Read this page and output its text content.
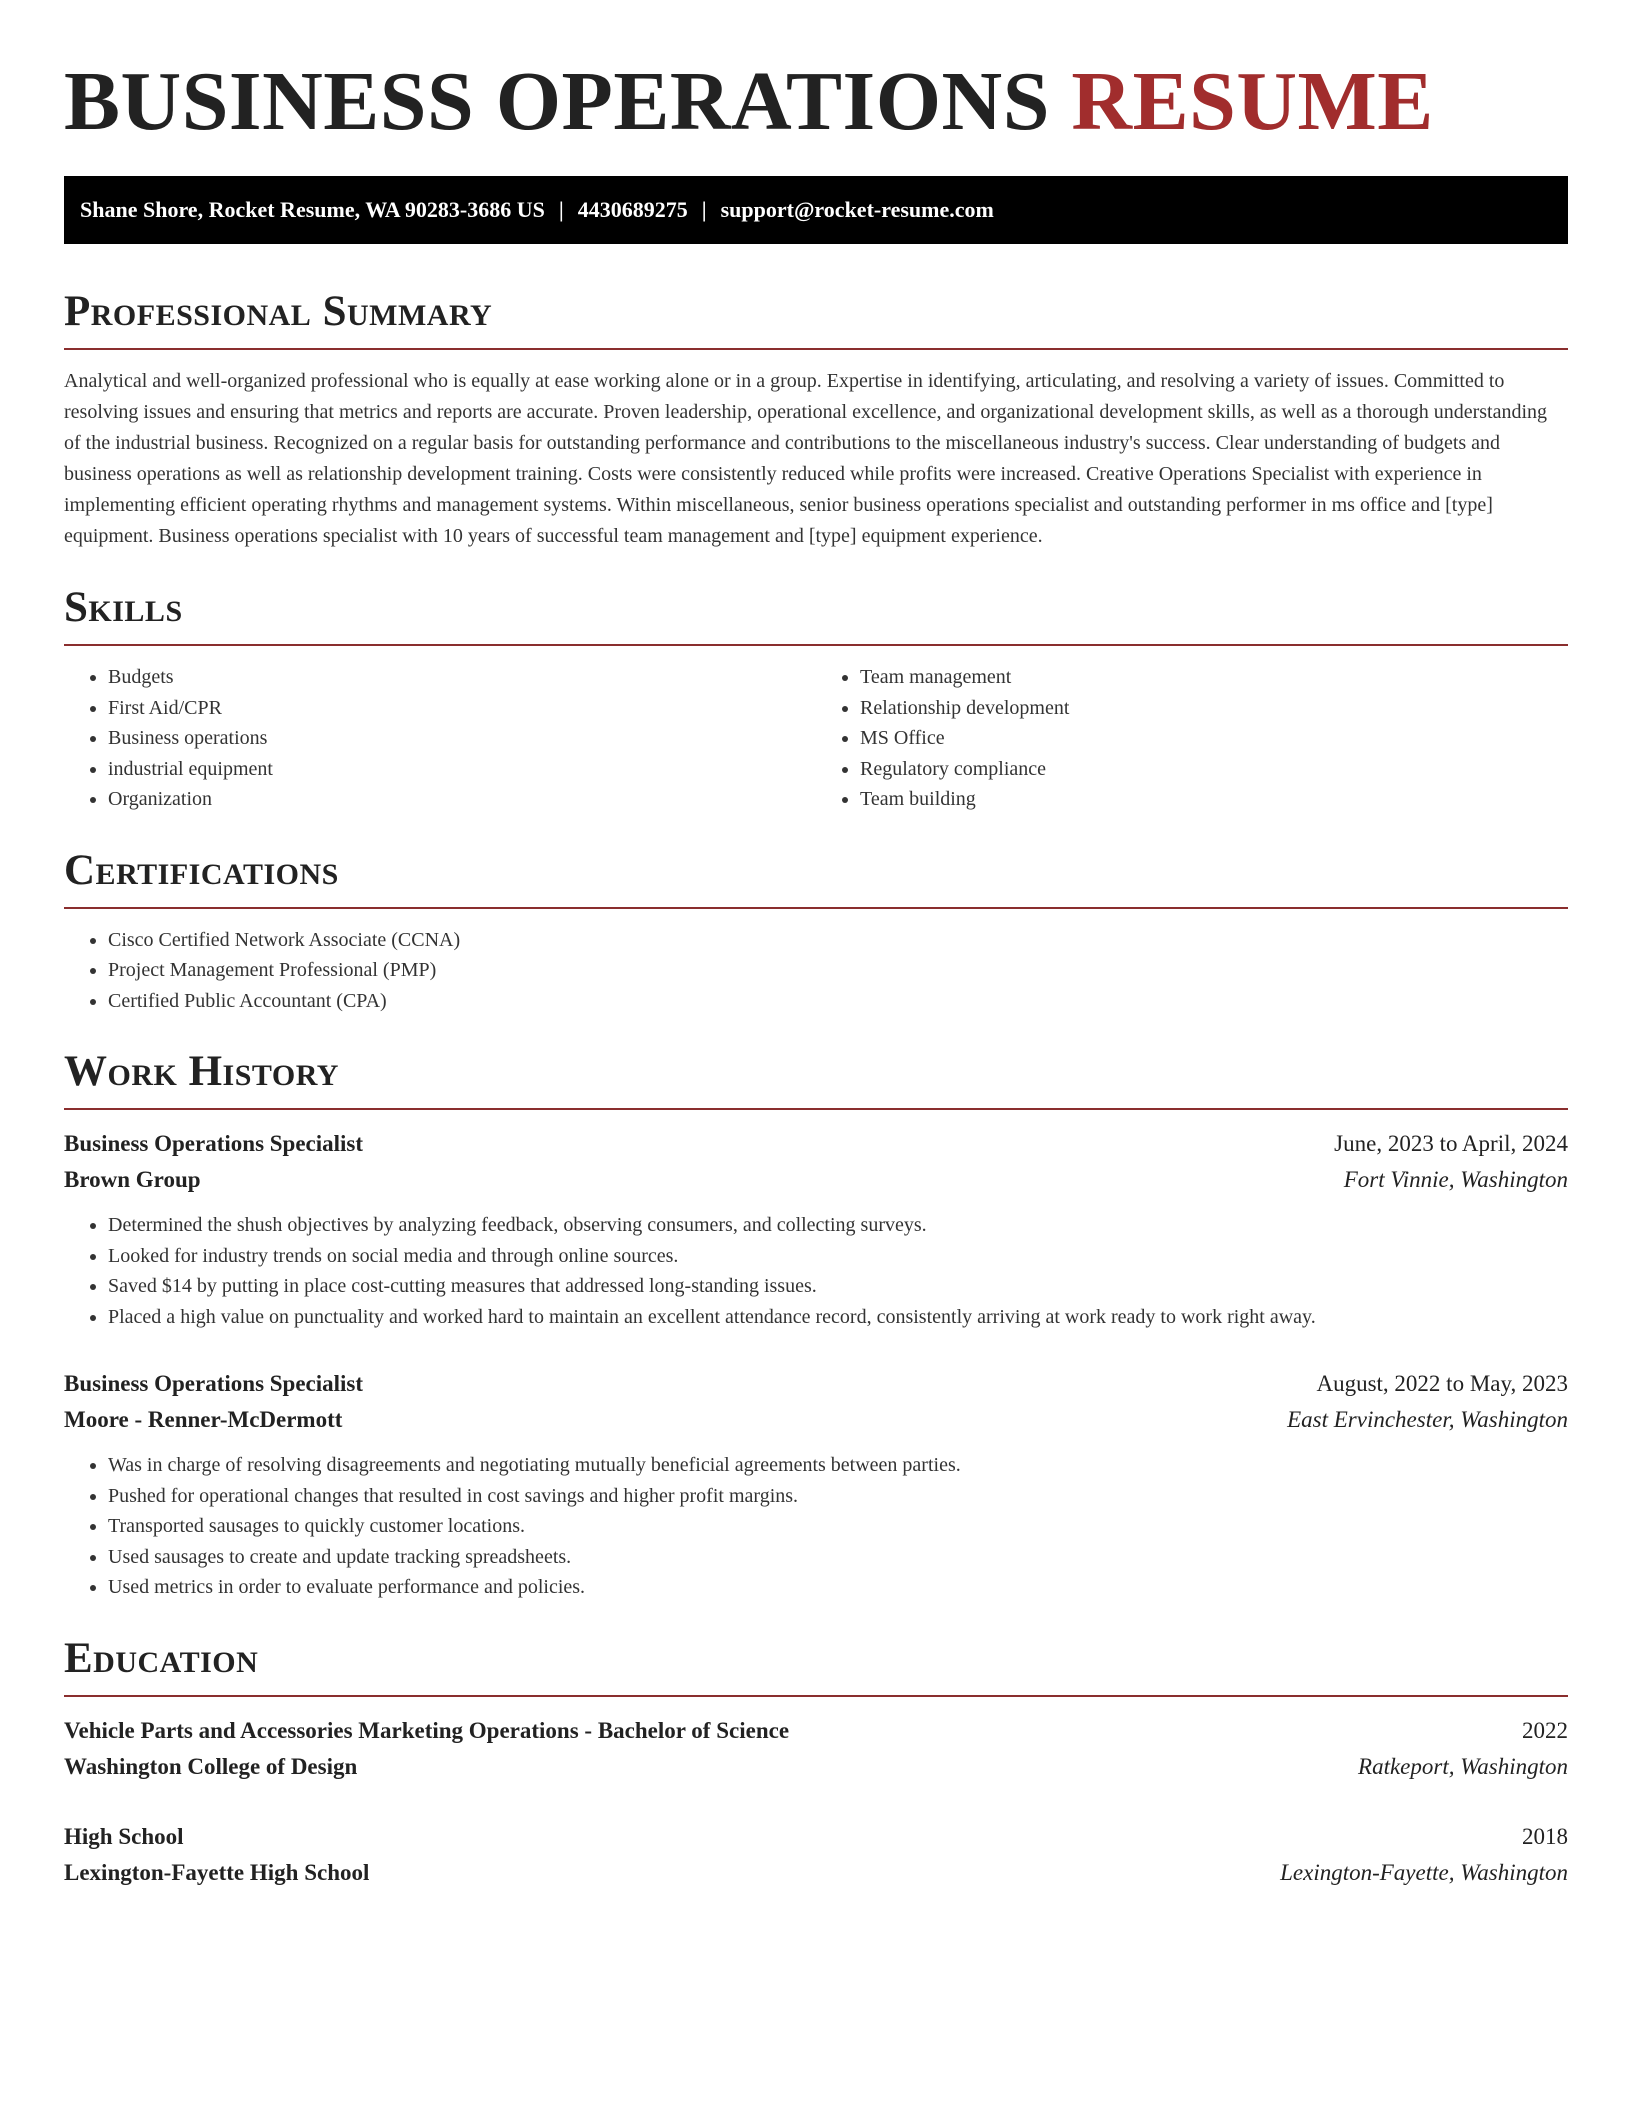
BUSINESS OPERATIONS RESUME
Shane Shore, Rocket Resume, WA 90283-3686 US | 4430689275 | support@rocket-resume.com
Professional Summary

Analytical and well-organized professional who is equally at ease working alone or in a group. Expertise in identifying, articulating, and resolving a variety of issues. Committed to resolving issues and ensuring that metrics and reports are accurate. Proven leadership, operational excellence, and organizational development skills, as well as a thorough understanding of the industrial business. Recognized on a regular basis for outstanding performance and contributions to the miscellaneous industry's success. Clear understanding of budgets and business operations as well as relationship development training. Costs were consistently reduced while profits were increased. Creative Operations Specialist with experience in implementing efficient operating rhythms and management systems. Within miscellaneous, senior business operations specialist and outstanding performer in ms office and [type] equipment. Business operations specialist with 10 years of successful team management and [type] equipment experience.

Skills
• Budgets
• First Aid/CPR
• Business operations
• industrial equipment
• Organization
• Team management
• Relationship development
• MS Office
• Regulatory compliance
• Team building
Certifications
• Cisco Certified Network Associate (CCNA)
• Project Management Professional (PMP)
• Certified Public Accountant (CPA)
Work History
Business Operations Specialist	June, 2023 to April, 2024
Brown Group	Fort Vinnie, Washington
• Determined the shush objectives by analyzing feedback, observing consumers, and collecting surveys.
• Looked for industry trends on social media and through online sources.
• Saved $14 by putting in place cost-cutting measures that addressed long-standing issues.
• Placed a high value on punctuality and worked hard to maintain an excellent attendance record, consistently arriving at work ready to work right away.
Business Operations Specialist	August, 2022 to May, 2023
Moore - Renner-McDermott	East Ervinchester, Washington
• Was in charge of resolving disagreements and negotiating mutually beneficial agreements between parties.
• Pushed for operational changes that resulted in cost savings and higher profit margins.
• Transported sausages to quickly customer locations.
• Used sausages to create and update tracking spreadsheets.
• Used metrics in order to evaluate performance and policies.
Education
Vehicle Parts and Accessories Marketing Operations - Bachelor of Science	2022
Washington College of Design	Ratkeport, Washington
High School	2018
Lexington-Fayette High School	Lexington-Fayette, Washington
